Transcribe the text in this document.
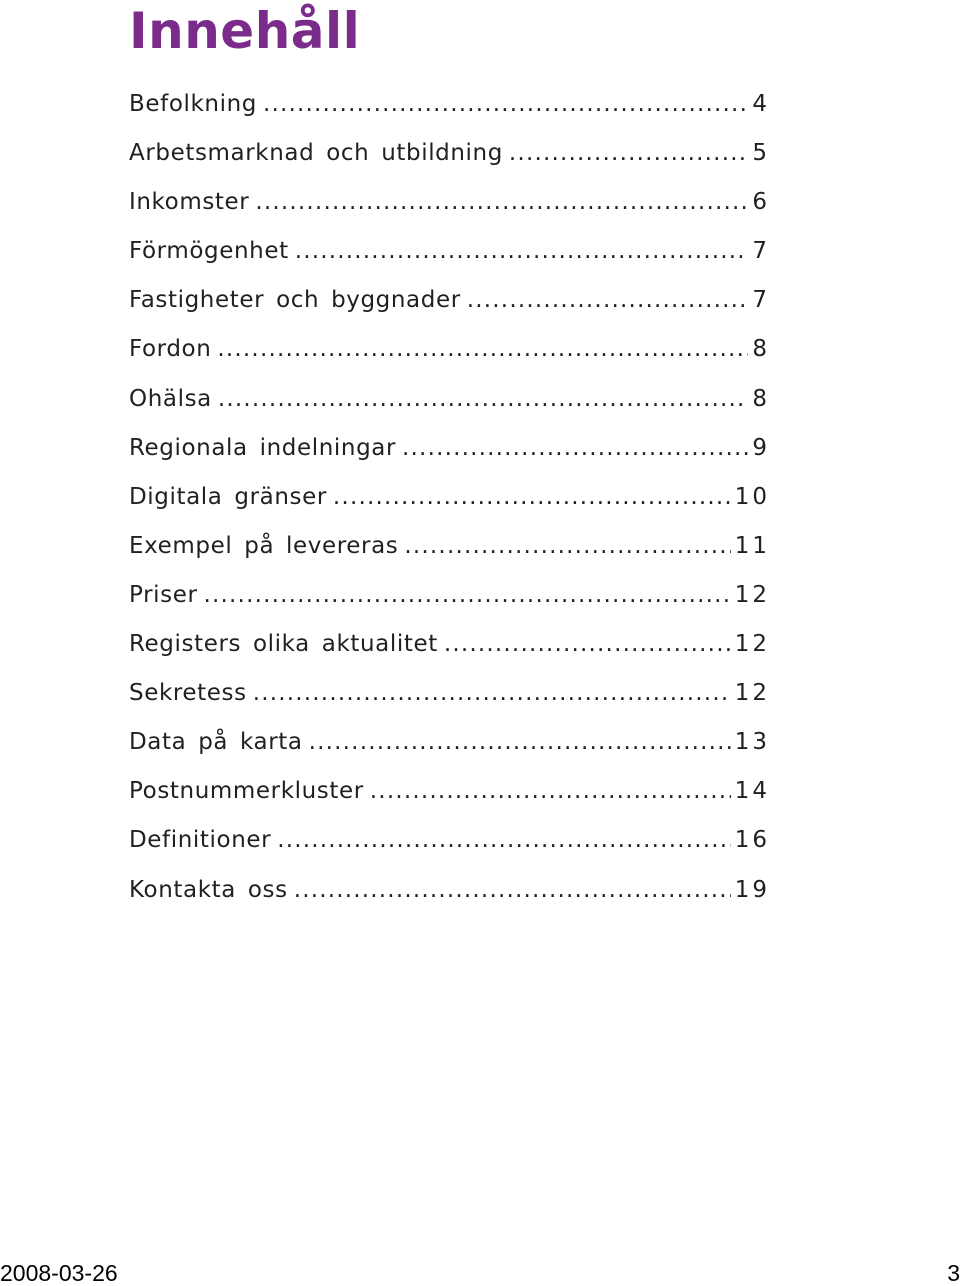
Innehåll
Befolkning .....	4
Arbetsmarknad och utbildning .....	5
Inkomster .....	6
Förmögenhet .....	7
Fastigheter och byggnader .....	7
Fordon .....	8
Ohälsa .....	8
Regionala indelningar .....	9
Digitala gränser .....	10
Exempel på levereras .....	11
Priser .....	12
Registers olika aktualitet .....	12
Sekretess .....	12
Data på karta .....	13
Postnummerkluster .....	14
Definitioner .....	16
Kontakta oss .....	19
2008-03-26	3
